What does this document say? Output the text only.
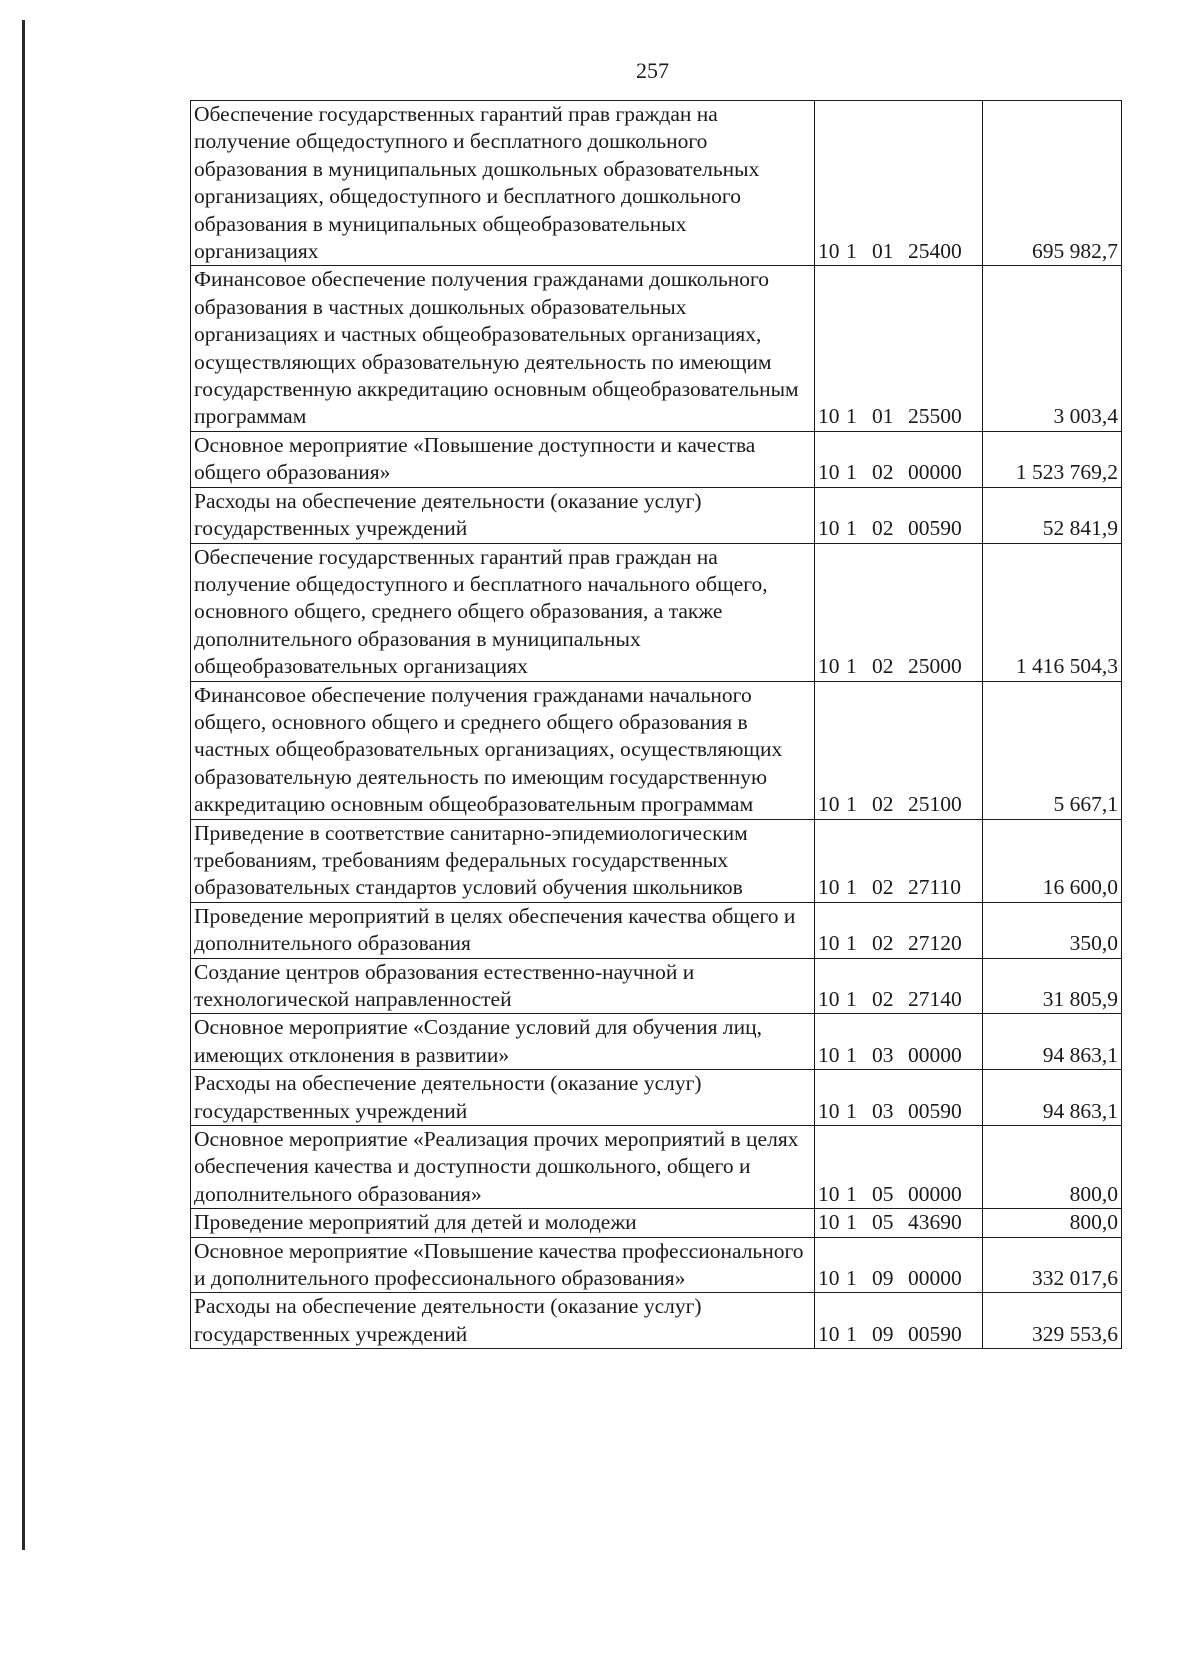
257
Обеспечение государственных гарантий прав граждан на получение общедоступного и бесплатного дошкольного образования в муниципальных дошкольных образовательных организациях, общедоступного и бесплатного дошкольного образования в муниципальных общеобразовательных организациях	10 1 01 25400	695 982,7
Финансовое обеспечение получения гражданами дошкольного образования в частных дошкольных образовательных организациях и частных общеобразовательных организациях, осуществляющих образовательную деятельность по имеющим государственную аккредитацию основным общеобразовательным программам	10 1 01 25500	3 003,4
Основное мероприятие «Повышение доступности и качества общего образования»	10 1 02 00000	1 523 769,2
Расходы на обеспечение деятельности (оказание услуг) государственных учреждений	10 1 02 00590	52 841,9
Обеспечение государственных гарантий прав граждан на получение общедоступного и бесплатного начального общего, основного общего, среднего общего образования, а также дополнительного образования в муниципальных общеобразовательных организациях	10 1 02 25000	1 416 504,3
Финансовое обеспечение получения гражданами начального общего, основного общего и среднего общего образования в частных общеобразовательных организациях, осуществляющих образовательную деятельность по имеющим государственную аккредитацию основным общеобразовательным программам	10 1 02 25100	5 667,1
Приведение в соответствие санитарно-эпидемиологическим требованиям, требованиям федеральных государственных образовательных стандартов условий обучения школьников	10 1 02 27110	16 600,0
Проведение мероприятий в целях обеспечения качества общего и дополнительного образования	10 1 02 27120	350,0
Создание центров образования естественно-научной и технологической направленностей	10 1 02 27140	31 805,9
Основное мероприятие «Создание условий для обучения лиц, имеющих отклонения в развитии»	10 1 03 00000	94 863,1
Расходы на обеспечение деятельности (оказание услуг) государственных учреждений	10 1 03 00590	94 863,1
Основное мероприятие «Реализация прочих мероприятий в целях обеспечения качества и доступности дошкольного, общего и дополнительного образования»	10 1 05 00000	800,0
Проведение мероприятий для детей и молодежи	10 1 05 43690	800,0
Основное мероприятие «Повышение качества профессионального и дополнительного профессионального образования»	10 1 09 00000	332 017,6
Расходы на обеспечение деятельности (оказание услуг) государственных учреждений	10 1 09 00590	329 553,6
